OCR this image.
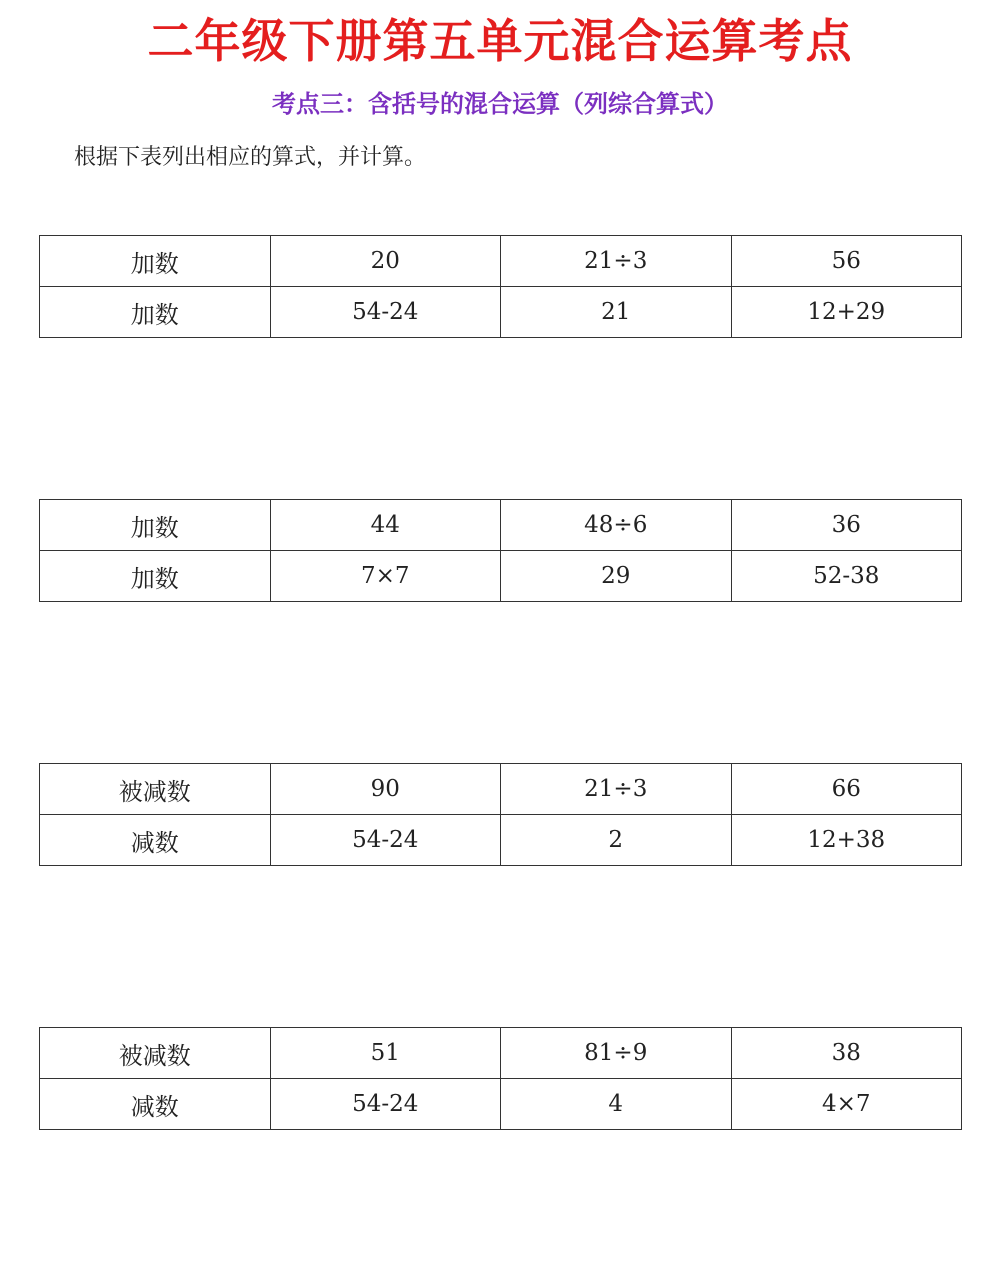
二年级下册第五单元混合运算考点
考点三：含括号的混合运算（列综合算式）
根据下表列出相应的算式，并计算。
加数	20	21÷3	56
加数	54-24	21	12+29
加数	44	48÷6	36
加数	7×7	29	52-38
被减数	90	21÷3	66
减数	54-24	2	12+38
被减数	51	81÷9	38
减数	54-24	4	4×7
